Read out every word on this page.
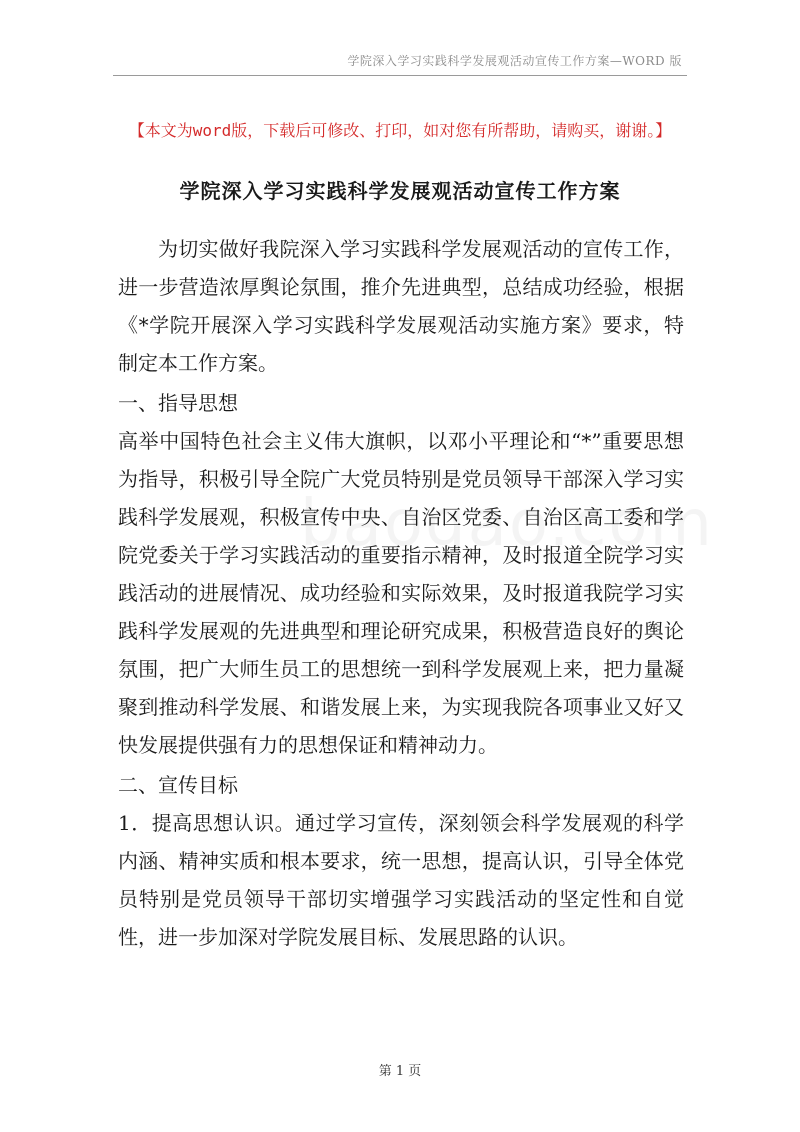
学院深入学习实践科学发展观活动宣传工作方案—WORD 版
【本文为word版，下载后可修改、打印，如对您有所帮助，请购买，谢谢。】
学院深入学习实践科学发展观活动宣传工作方案

为切实做好我院深入学习实践科学发展观活动的宣传工作，进一步营造浓厚舆论氛围，推介先进典型，总结成功经验，根据《*学院开展深入学习实践科学发展观活动实施方案》要求，特制定本工作方案。

一、指导思想

高举中国特色社会主义伟大旗帜，以邓小平理论和“*”重要思想为指导，积极引导全院广大党员特别是党员领导干部深入学习实践科学发展观，积极宣传中央、自治区党委、自治区高工委和学院党委关于学习实践活动的重要指示精神，及时报道全院学习实践活动的进展情况、成功经验和实际效果，及时报道我院学习实践科学发展观的先进典型和理论研究成果，积极营造良好的舆论氛围，把广大师生员工的思想统一到科学发展观上来，把力量凝聚到推动科学发展、和谐发展上来，为实现我院各项事业又好又快发展提供强有力的思想保证和精神动力。

二、宣传目标

1．提高思想认识。通过学习宣传，深刻领会科学发展观的科学内涵、精神实质和根本要求，统一思想，提高认识，引导全体党员特别是党员领导干部切实增强学习实践活动的坚定性和自觉性，进一步加深对学院发展目标、发展思路的认识。

第 1 页
